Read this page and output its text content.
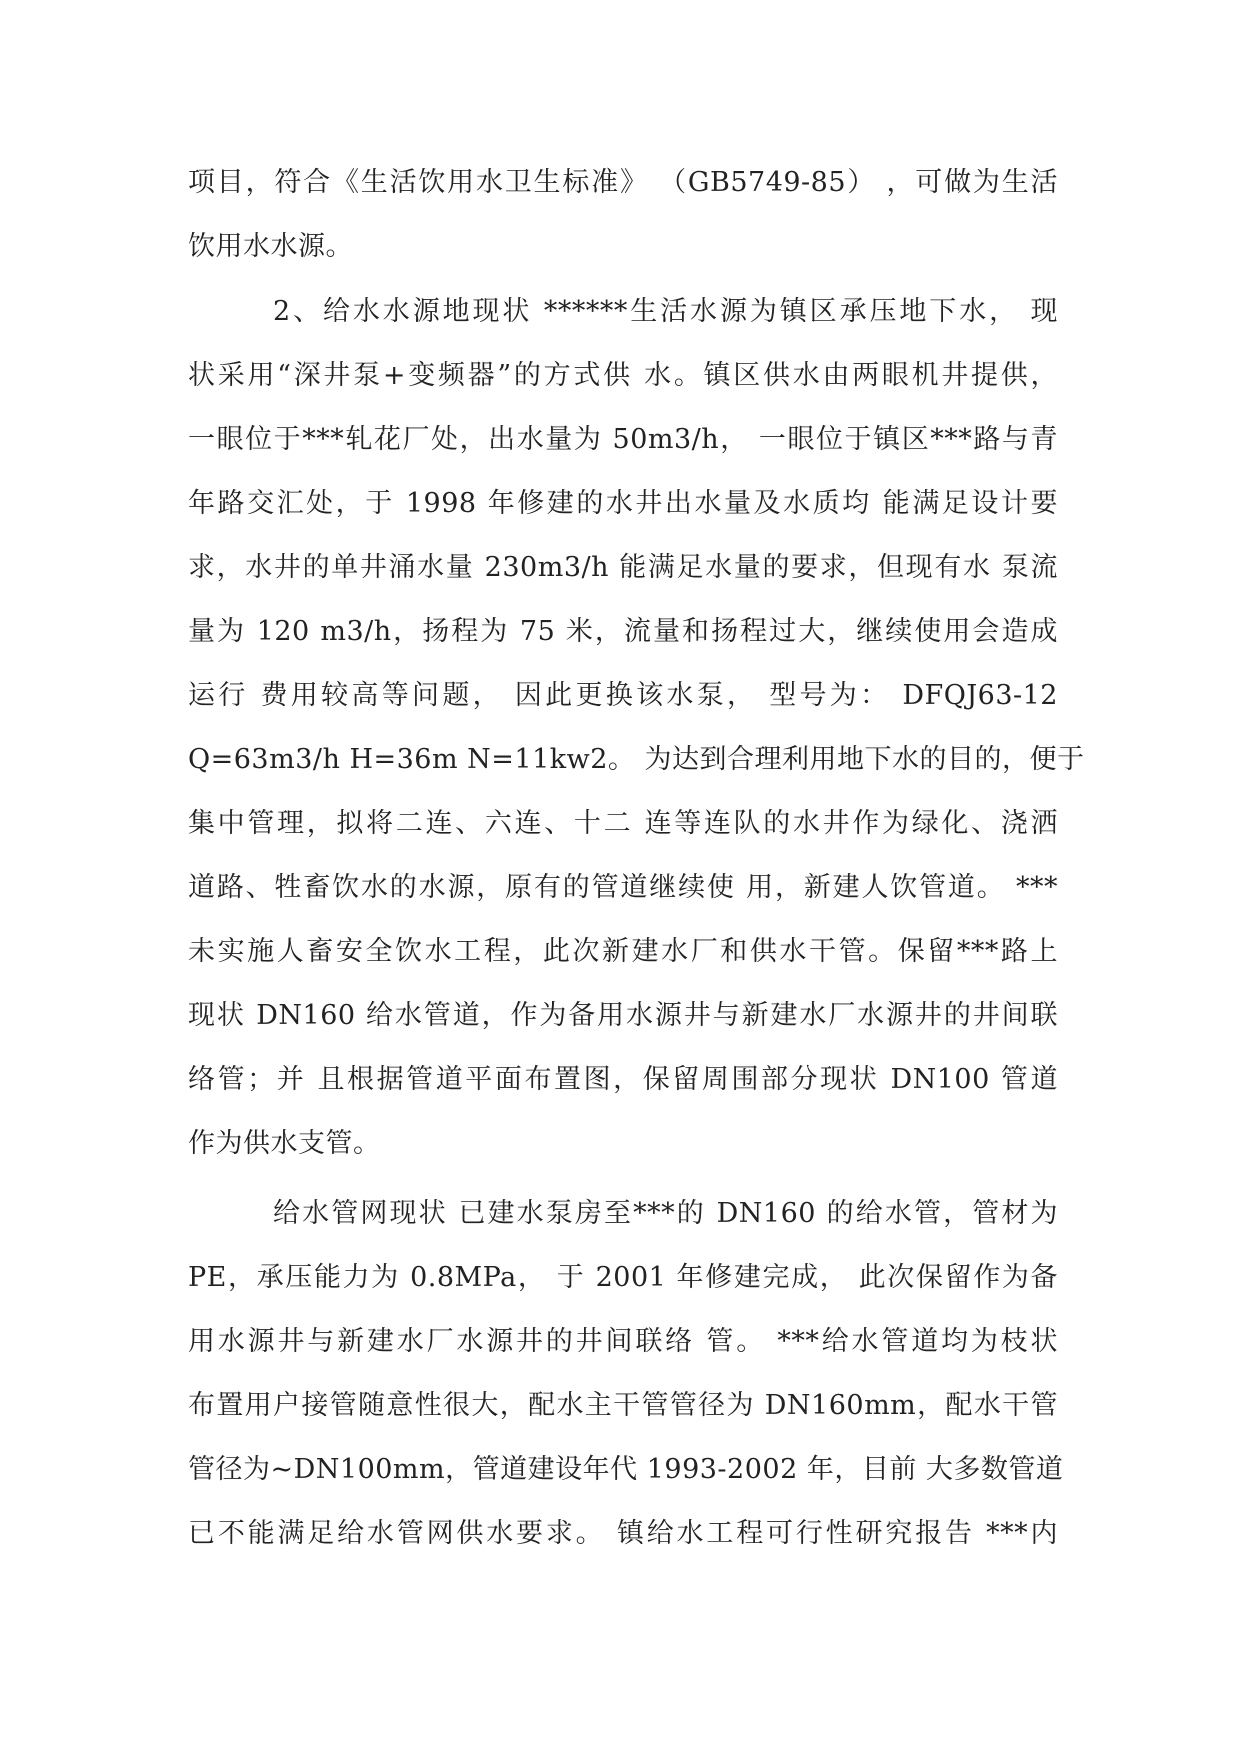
项目，符合《生活饮用水卫生标准》 （GB5749-85） ，可做为生活
饮用水水源。
2、给水水源地现状 ******生活水源为镇区承压地下水， 现
状采用“深井泵+变频器”的方式供 水。镇区供水由两眼机井提供，
一眼位于***轧花厂处，出水量为 50m3/h， 一眼位于镇区***路与青
年路交汇处，于 1998 年修建的水井出水量及水质均 能满足设计要
求，水井的单井涌水量 230m3/h 能满足水量的要求，但现有水 泵流
量为 120 m3/h，扬程为 75 米，流量和扬程过大，继续使用会造成
运行 费用较高等问题， 因此更换该水泵， 型号为： DFQJ63-12
Q=63m3/h H=36m N=11kw2。 为达到合理利用地下水的目的，便于
集中管理，拟将二连、六连、十二 连等连队的水井作为绿化、浇洒
道路、牲畜饮水的水源，原有的管道继续使 用，新建人饮管道。 ***
未实施人畜安全饮水工程，此次新建水厂和供水干管。保留***路上
现状 DN160 给水管道，作为备用水源井与新建水厂水源井的井间联
络管；并 且根据管道平面布置图，保留周围部分现状 DN100 管道
作为供水支管。
给水管网现状 已建水泵房至***的 DN160 的给水管，管材为
PE，承压能力为 0.8MPa， 于 2001 年修建完成， 此次保留作为备
用水源井与新建水厂水源井的井间联络 管。 ***给水管道均为枝状
布置用户接管随意性很大，配水主干管管径为 DN160mm，配水干管
管径为~DN100mm，管道建设年代 1993-2002 年，目前 大多数管道
已不能满足给水管网供水要求。 镇给水工程可行性研究报告 ***内
